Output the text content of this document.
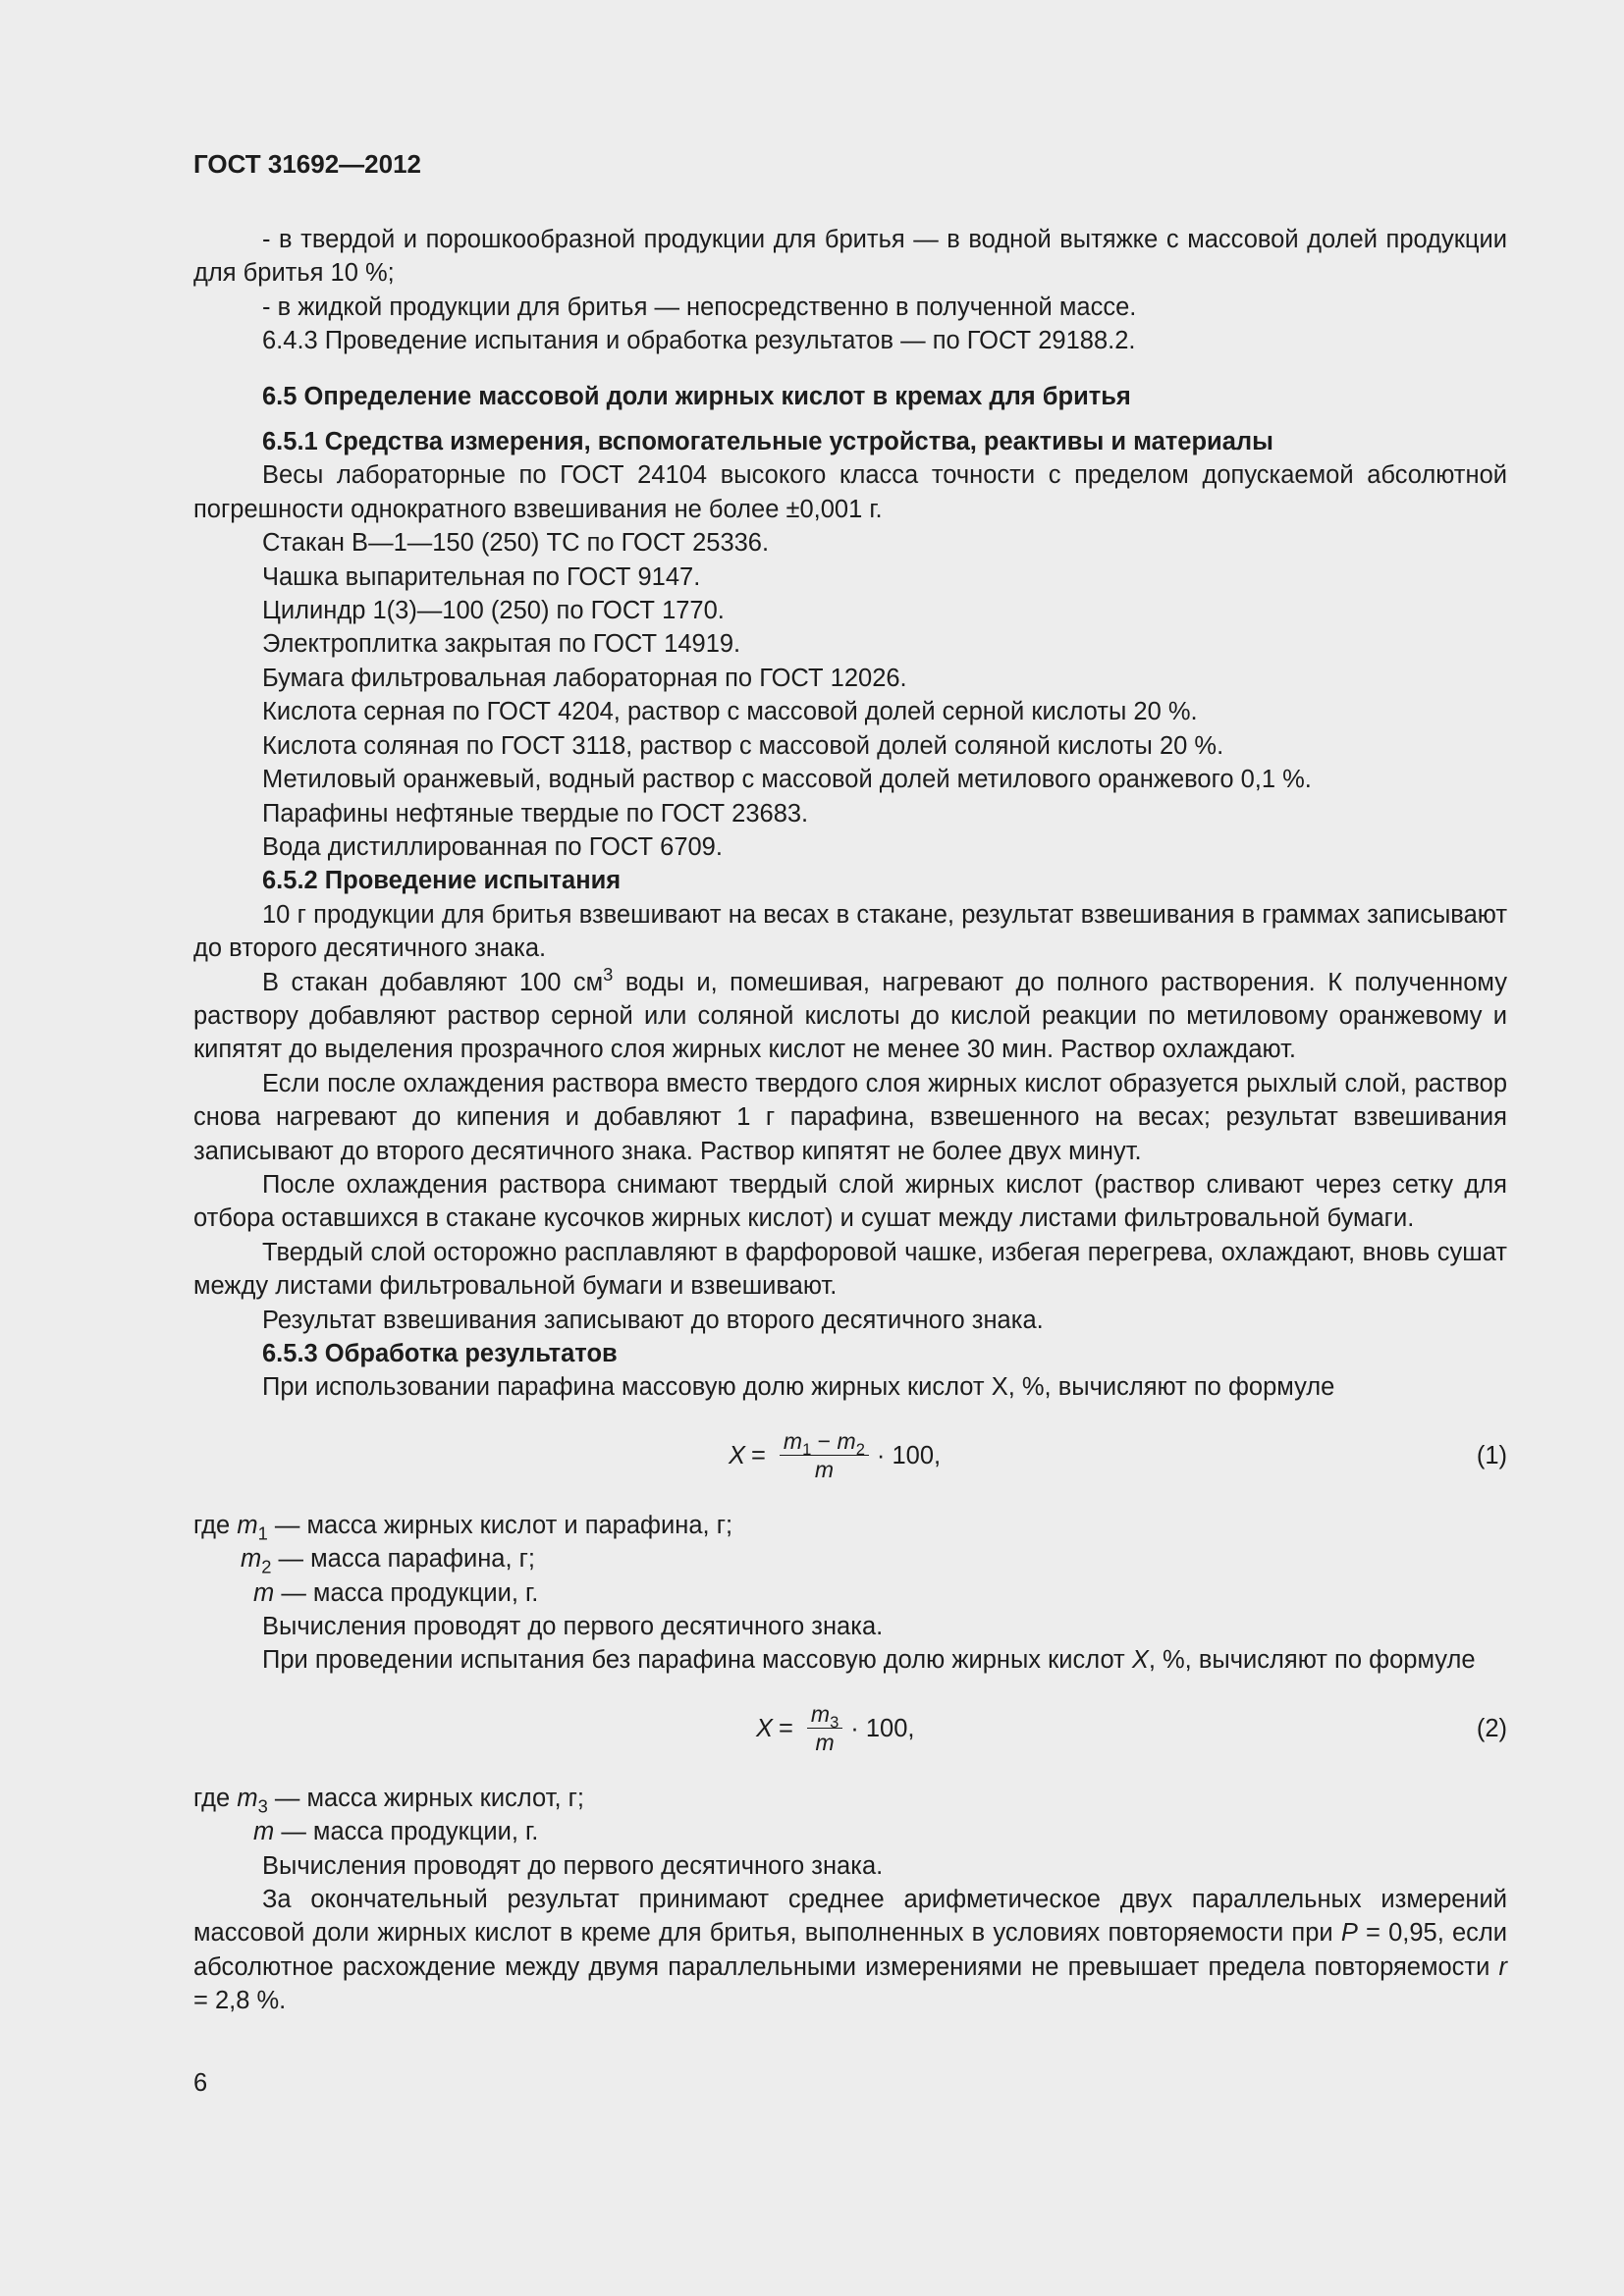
ГОСТ 31692—2012

- в твердой и порошкообразной продукции для бритья — в водной вытяжке с массовой долей продукции для бритья 10 %;

- в жидкой продукции для бритья — непосредственно в полученной массе.

6.4.3 Проведение испытания и обработка результатов — по ГОСТ 29188.2.

6.5 Определение массовой доли жирных кислот в кремах для бритья

6.5.1 Средства измерения, вспомогательные устройства, реактивы и материалы

Весы лабораторные по ГОСТ 24104 высокого класса точности с пределом допускаемой абсолютной погрешности однократного взвешивания не более ±0,001 г.

Стакан В—1—150 (250) ТС по ГОСТ 25336.

Чашка выпарительная по ГОСТ 9147.

Цилиндр 1(3)—100 (250) по ГОСТ 1770.

Электроплитка закрытая по ГОСТ 14919.

Бумага фильтровальная лабораторная по ГОСТ 12026.

Кислота серная по ГОСТ 4204, раствор с массовой долей серной кислоты 20 %.

Кислота соляная по ГОСТ 3118, раствор с массовой долей соляной кислоты 20 %.

Метиловый оранжевый, водный раствор с массовой долей метилового оранжевого 0,1 %.

Парафины нефтяные твердые по ГОСТ 23683.

Вода дистиллированная по ГОСТ 6709.

6.5.2 Проведение испытания

10 г продукции для бритья взвешивают на весах в стакане, результат взвешивания в граммах записывают до второго десятичного знака.

В стакан добавляют 100 $см^3$ воды и, помешивая, нагревают до полного растворения. К полученному раствору добавляют раствор серной или соляной кислоты до кислой реакции по метиловому оранжевому и кипятят до выделения прозрачного слоя жирных кислот не менее 30 мин. Раствор охлаждают.

Если после охлаждения раствора вместо твердого слоя жирных кислот образуется рыхлый слой, раствор снова нагревают до кипения и добавляют 1 г парафина, взвешенного на весах; результат взвешивания записывают до второго десятичного знака. Раствор кипятят не более двух минут.

После охлаждения раствора снимают твердый слой жирных кислот (раствор сливают через сетку для отбора оставшихся в стакане кусочков жирных кислот) и сушат между листами фильтровальной бумаги.

Твердый слой осторожно расплавляют в фарфоровой чашке, избегая перегрева, охлаждают, вновь сушат между листами фильтровальной бумаги и взвешивают.

Результат взвешивания записывают до второго десятичного знака.

6.5.3 Обработка результатов

При использовании парафина массовую долю жирных кислот Х, %, вычисляют по формуле

$X = \frac{m_1 - m_2}{m} \cdot 100$,	(1)

где $m_1$ — масса жирных кислот и парафина, г;

$m_2$ — масса парафина, г;

m — масса продукции, г.

Вычисления проводят до первого десятичного знака.

При проведении испытания без парафина массовую долю жирных кислот Х, %, вычисляют по формуле

$X = \frac{m_3}{m} \cdot 100$,	(2)

где $m_3$ — масса жирных кислот, г;

m — масса продукции, г.

Вычисления проводят до первого десятичного знака.

За окончательный результат принимают среднее арифметическое двух параллельных измерений массовой доли жирных кислот в креме для бритья, выполненных в условиях повторяемости при Р = 0,95, если абсолютное расхождение между двумя параллельными измерениями не превышает предела повторяемости r = 2,8 %.

6
